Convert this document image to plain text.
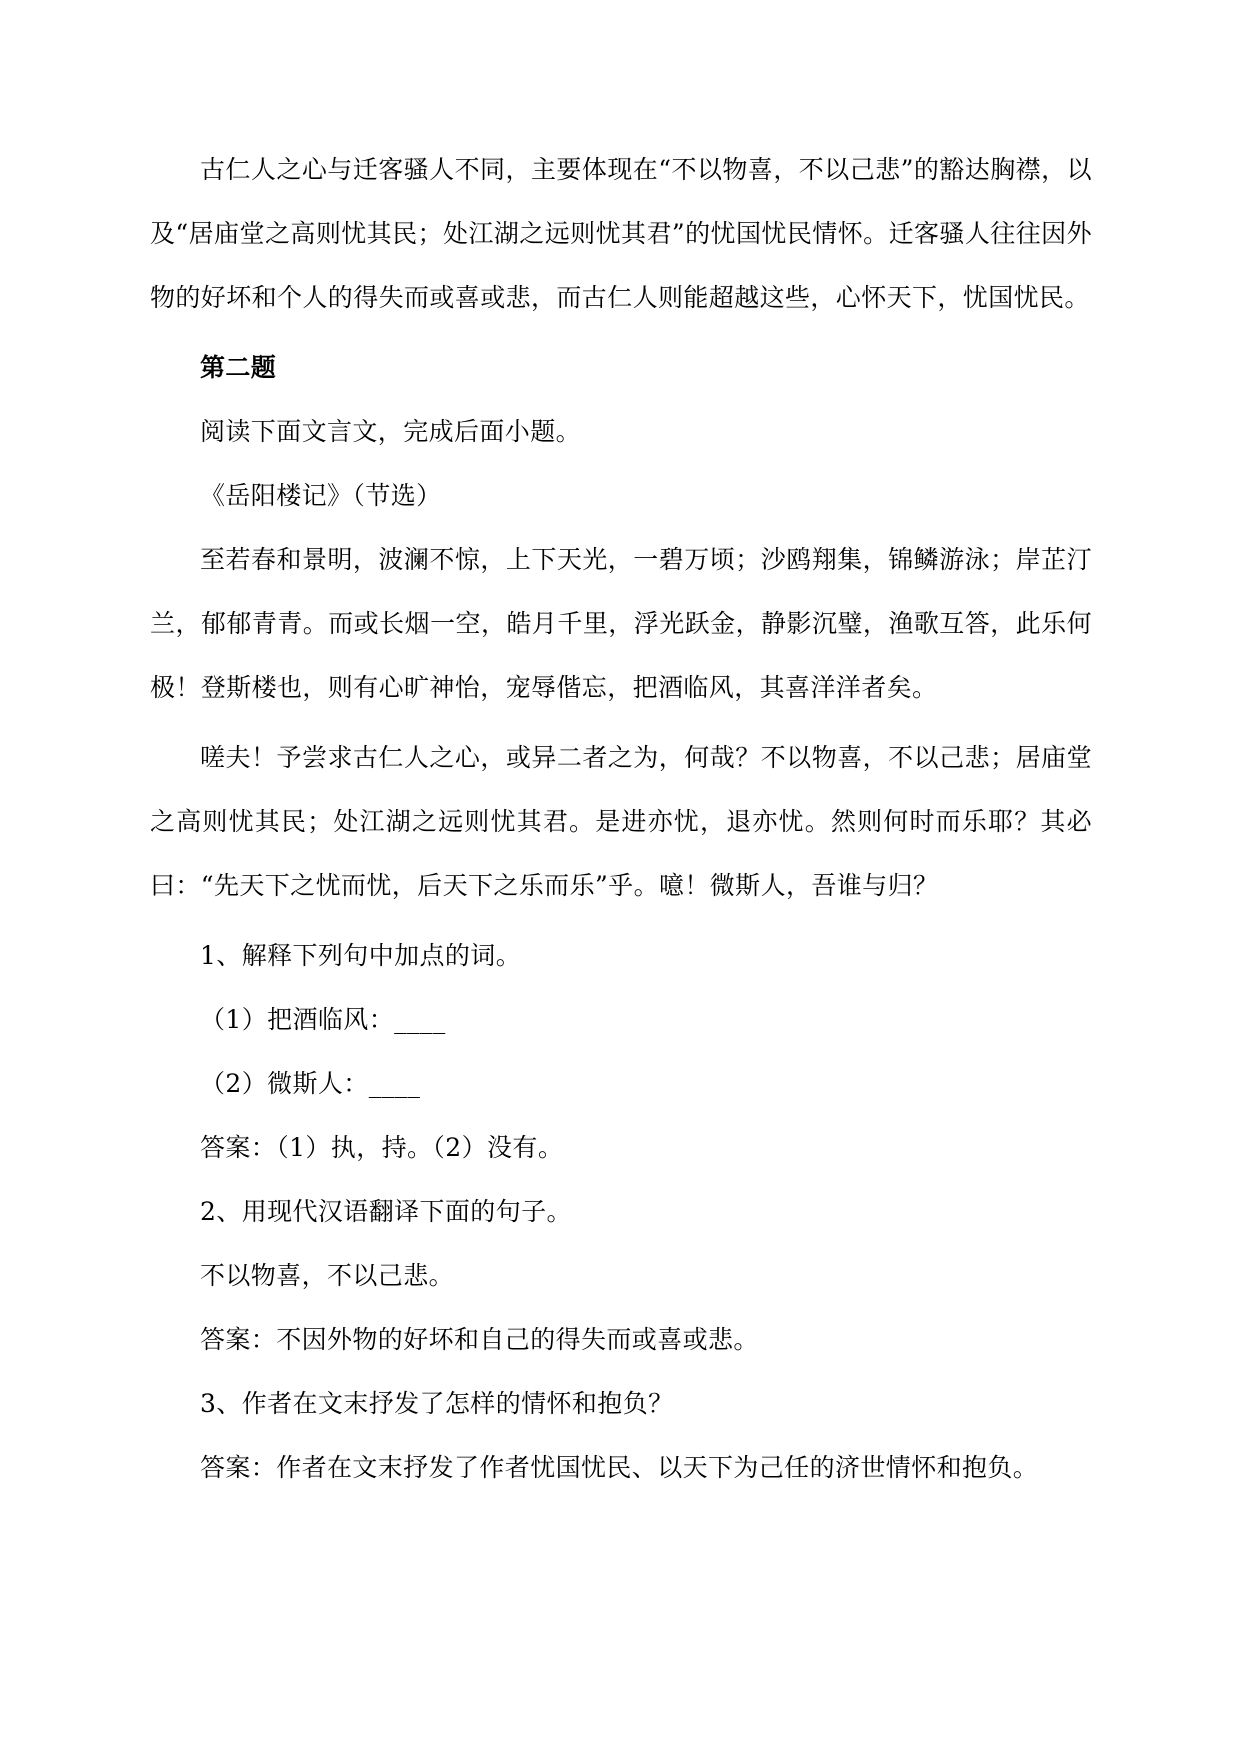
古仁人之心与迁客骚人不同，主要体现在“不以物喜，不以己悲”的豁达胸襟，以及“居庙堂之高则忧其民；处江湖之远则忧其君”的忧国忧民情怀。迁客骚人往往因外物的好坏和个人的得失而或喜或悲，而古仁人则能超越这些，心怀天下，忧国忧民。

第二题
阅读下面文言文，完成后面小题。
《岳阳楼记》（节选）

至若春和景明，波澜不惊，上下天光，一碧万顷；沙鸥翔集，锦鳞游泳；岸芷汀兰，郁郁青青。而或长烟一空，皓月千里，浮光跃金，静影沉璧，渔歌互答，此乐何极！登斯楼也，则有心旷神怡，宠辱偕忘，把酒临风，其喜洋洋者矣。

嗟夫！予尝求古仁人之心，或异二者之为，何哉？不以物喜，不以己悲；居庙堂之高则忧其民；处江湖之远则忧其君。是进亦忧，退亦忧。然则何时而乐耶？其必曰：“先天下之忧而忧，后天下之乐而乐”乎。噫！微斯人，吾谁与归？

1、解释下列句中加点的词。
（1）把酒临风：____
（2）微斯人：____
答案：（1）执，持。（2）没有。
2、用现代汉语翻译下面的句子。
不以物喜，不以己悲。
答案：不因外物的好坏和自己的得失而或喜或悲。
3、作者在文末抒发了怎样的情怀和抱负？
答案：作者在文末抒发了作者忧国忧民、以天下为己任的济世情怀和抱负。
